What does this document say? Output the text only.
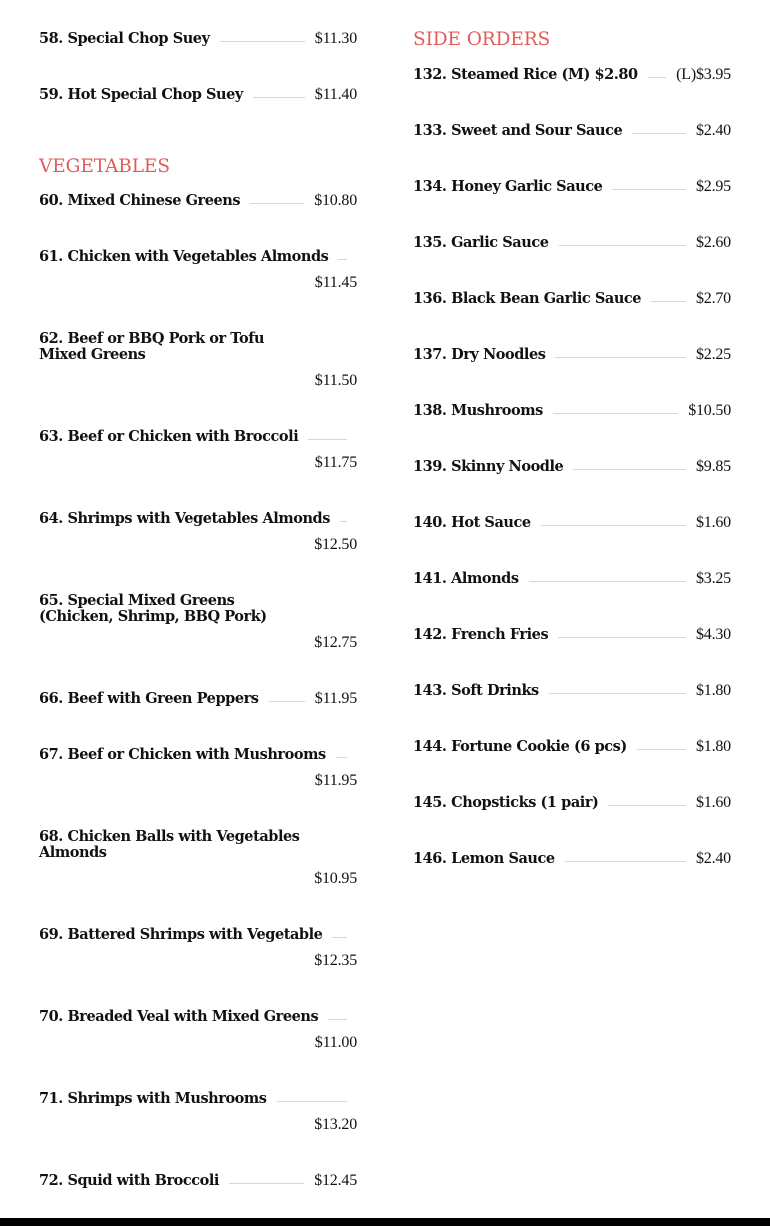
58. Special Chop Suey	$11.30
59. Hot Special Chop Suey	$11.40
VEGETABLES
60. Mixed Chinese Greens	$10.80
61. Chicken with Vegetables Almonds
$11.45
62. Beef or BBQ Pork or Tofu Mixed Greens
$11.50
63. Beef or Chicken with Broccoli
$11.75
64. Shrimps with Vegetables Almonds
$12.50
65. Special Mixed Greens (Chicken, Shrimp, BBQ Pork)
$12.75
66. Beef with Green Peppers	$11.95
67. Beef or Chicken with Mushrooms
$11.95
68. Chicken Balls with Vegetables Almonds
$10.95
69. Battered Shrimps with Vegetable
$12.35
70. Breaded Veal with Mixed Greens
$11.00
71. Shrimps with Mushrooms
$13.20
72. Squid with Broccoli	$12.45
SIDE ORDERS
132. Steamed Rice (M) $2.80 (L)$3.95
133. Sweet and Sour Sauce	$2.40
134. Honey Garlic Sauce	$2.95
135. Garlic Sauce	$2.60
136. Black Bean Garlic Sauce	$2.70
137. Dry Noodles	$2.25
138. Mushrooms	$10.50
139. Skinny Noodle	$9.85
140. Hot Sauce	$1.60
141. Almonds	$3.25
142. French Fries	$4.30
143. Soft Drinks	$1.80
144. Fortune Cookie (6 pcs)	$1.80
145. Chopsticks (1 pair)	$1.60
146. Lemon Sauce	$2.40
